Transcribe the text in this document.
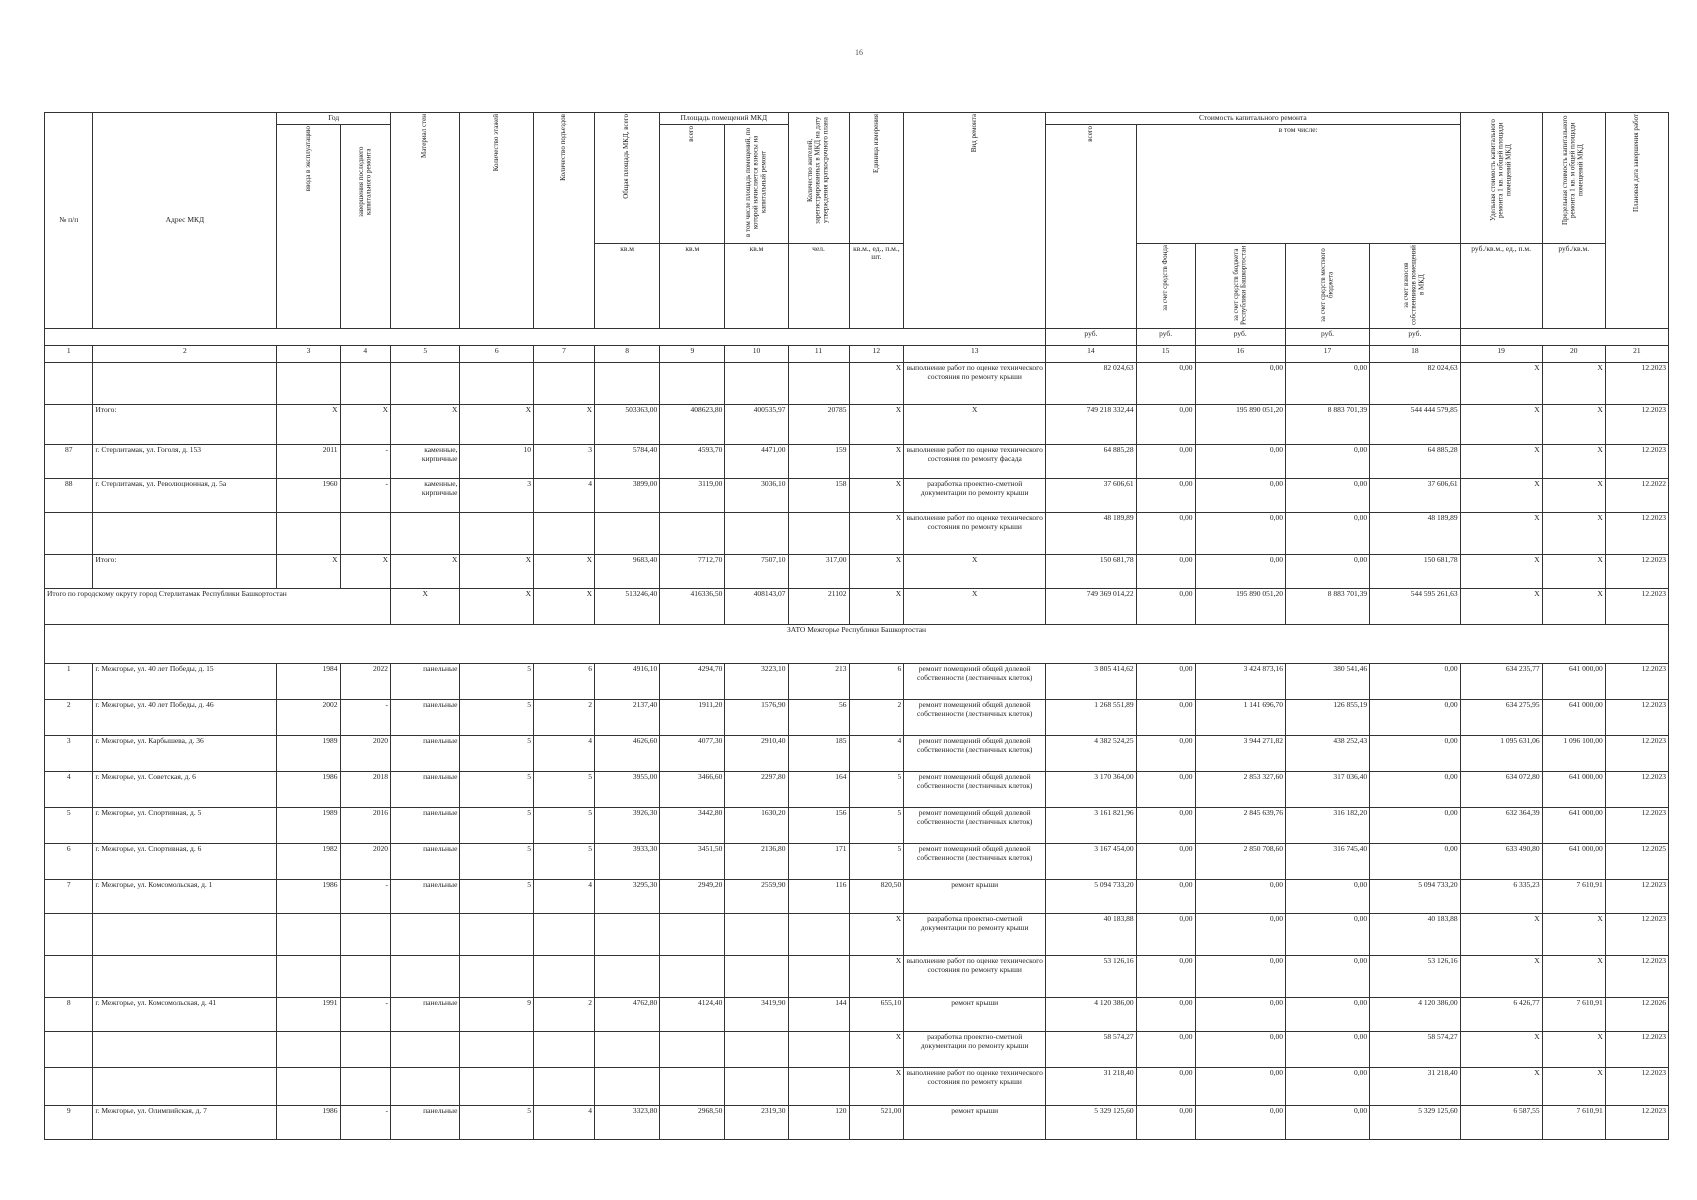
16
№ п/п	Адрес МКД	Год		Материал стен	Количество этажей	Количество подъездов	Общая площадь МКД, всего	Площадь помещений МКД		Количество жителей, зарегистрированных в МКД на дату утверждения краткосрочного плана	Единица измерения	Вид ремонта	Стоимость капитального ремонта					Удельная стоимость капитального ремонта 1 кв. м общей площади помещений МКД	Предельная стоимость капитального ремонта 1 кв. м общей площади помещений МКД	Плановая дата завершения работ
		ввода в эксплуатацию	завершения последнего капитального ремонта					всего	в том числе площадь помещений, по которой начисляется взносы на капитальный ремонт				всего	в том числе:						
							кв.м	кв.м	кв.м	чел.	кв.м., ед., п.м., шт.			за счет средств Фонда	за счет средств бюджета Республики Башкортостан	за счет средств местного бюджета	за счет взносов собственников помещений в МКД	руб./кв.м., ед., п.м.	руб./кв.м.	
													руб.	руб.	руб.	руб.	руб.			
1	2	3	4	5	6	7	8	9	10	11	12	13	14	15	16	17	18	19	20	21
											X	выполнение работ по оценке технического состояния по ремонту крыши	82 024,63	0,00	0,00	0,00	82 024,63	X	X	12.2023
	Итого:	X	X	X	X	X	503363,00	408623,80	400535,97	20785	X	X	749 218 332,44	0,00	195 890 051,20	8 883 701,39	544 444 579,85	X	X	12.2023
87	г. Стерлитамак, ул. Гоголя, д. 153	2011	-	каменные, кирпичные	10	3	5784,40	4593,70	4471,00	159	X	выполнение работ по оценке технического состояния по ремонту фасада	64 885,28	0,00	0,00	0,00	64 885,28	X	X	12.2023
88	г. Стерлитамак, ул. Революционная, д. 5а	1960	-	каменные, кирпичные	3	4	3899,00	3119,00	3036,10	158	X	разработка проектно-сметной документации по ремонту крыши	37 606,61	0,00	0,00	0,00	37 606,61	X	X	12.2022
											X	выполнение работ по оценке технического состояния по ремонту крыши	48 189,89	0,00	0,00	0,00	48 189,89	X	X	12.2023
	Итого:	X	X	X	X	X	9683,40	7712,70	7507,10	317,00	X	X	150 681,78	0,00	0,00	0,00	150 681,78	X	X	12.2023
Итого по городскому округу город Стерлитамак Республики Башкортостан				X	X	X	513246,40	416336,50	408143,07	21102	X	X	749 369 014,22	0,00	195 890 051,20	8 883 701,39	544 595 261,63	X	X	12.2023
ЗАТО Межгорье Республики Башкортостан																				
1	г. Межгорье, ул. 40 лет Победы, д. 15	1984	2022	панельные	5	6	4916,10	4294,70	3223,10	213	6	ремонт помещений общей долевой собственности (лестничных клеток)	3 805 414,62	0,00	3 424 873,16	380 541,46	0,00	634 235,77	641 000,00	12.2023
2	г. Межгорье, ул. 40 лет Победы, д. 46	2002	-	панельные	5	2	2137,40	1911,20	1576,90	56	2	ремонт помещений общей долевой собственности (лестничных клеток)	1 268 551,89	0,00	1 141 696,70	126 855,19	0,00	634 275,95	641 000,00	12.2023
3	г. Межгорье, ул. Карбышева, д. 36	1989	2020	панельные	5	4	4626,60	4077,30	2910,40	185	4	ремонт помещений общей долевой собственности (лестничных клеток)	4 382 524,25	0,00	3 944 271,82	438 252,43	0,00	1 095 631,06	1 096 100,00	12.2023
4	г. Межгорье, ул. Советская, д. 6	1986	2018	панельные	5	5	3955,00	3466,60	2297,80	164	5	ремонт помещений общей долевой собственности (лестничных клеток)	3 170 364,00	0,00	2 853 327,60	317 036,40	0,00	634 072,80	641 000,00	12.2023
5	г. Межгорье, ул. Спортивная, д. 5	1989	2016	панельные	5	5	3926,30	3442,80	1630,20	156	5	ремонт помещений общей долевой собственности (лестничных клеток)	3 161 821,96	0,00	2 845 639,76	316 182,20	0,00	632 364,39	641 000,00	12.2023
6	г. Межгорье, ул. Спортивная, д. 6	1982	2020	панельные	5	5	3933,30	3451,50	2136,80	171	5	ремонт помещений общей долевой собственности (лестничных клеток)	3 167 454,00	0,00	2 850 708,60	316 745,40	0,00	633 490,80	641 000,00	12.2025
7	г. Межгорье, ул. Комсомольская, д. 1	1986	-	панельные	5	4	3295,30	2949,20	2559,90	116	820,50	ремонт крыши	5 094 733,20	0,00	0,00	0,00	5 094 733,20	6 335,23	7 610,91	12.2023
											X	разработка проектно-сметной документации по ремонту крыши	40 183,88	0,00	0,00	0,00	40 183,88	X	X	12.2023
											X	выполнение работ по оценке технического состояния по ремонту крыши	53 126,16	0,00	0,00	0,00	53 126,16	X	X	12.2023
8	г. Межгорье, ул. Комсомольская, д. 41	1991	-	панельные	9	2	4762,80	4124,40	3419,90	144	655,10	ремонт крыши	4 120 386,00	0,00	0,00	0,00	4 120 386,00	6 426,77	7 610,91	12.2026
											X	разработка проектно-сметной документации по ремонту крыши	58 574,27	0,00	0,00	0,00	58 574,27	X	X	12.2023
											X	выполнение работ по оценке технического состояния по ремонту крыши	31 218,40	0,00	0,00	0,00	31 218,40	X	X	12.2023
9	г. Межгорье, ул. Олимпийская, д. 7	1986	-	панельные	5	4	3323,80	2968,50	2319,30	120	521,00	ремонт крыши	5 329 125,60	0,00	0,00	0,00	5 329 125,60	6 587,55	7 610,91	12.2023
